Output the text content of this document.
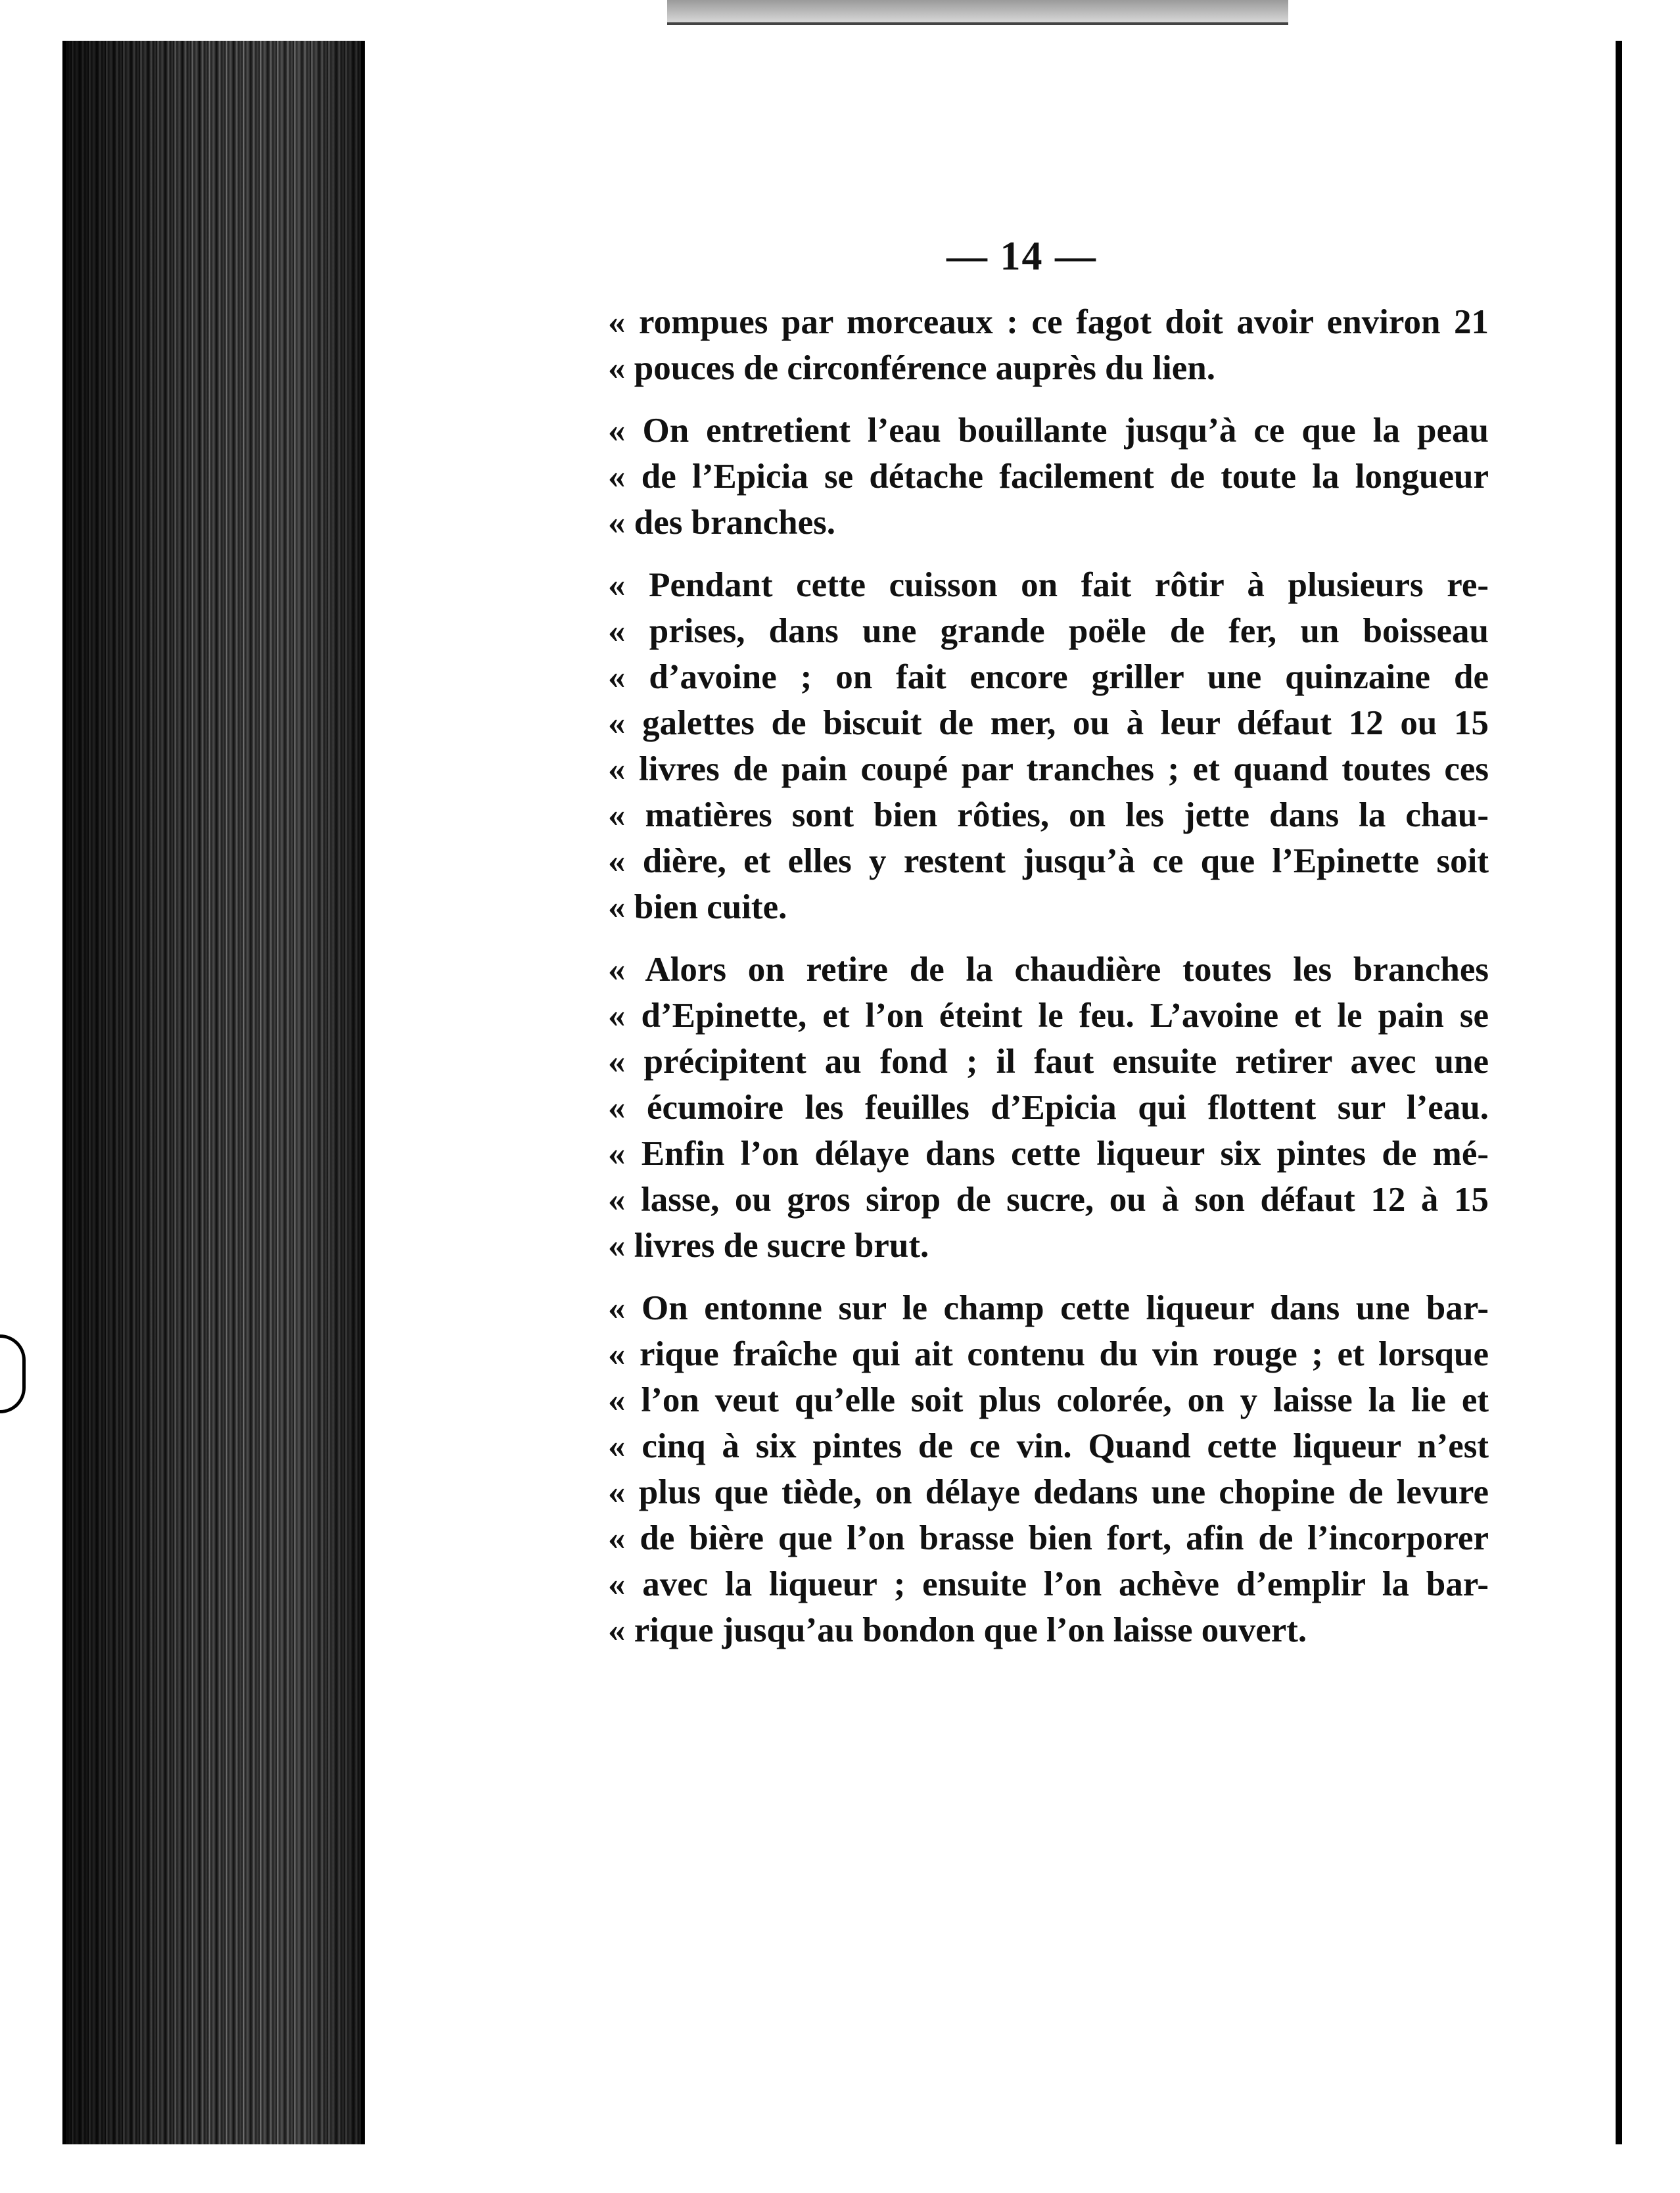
— 14 —
« rompues par morceaux : ce fagot doit avoir environ 21
« pouces de circonférence auprès du lien.
« On entretient l’eau bouillante jusqu’à ce que la peau
« de l’Epicia se détache facilement de toute la longueur
« des branches.
« Pendant cette cuisson on fait rôtir à plusieurs re-
« prises, dans une grande poële de fer, un boisseau
« d’avoine ; on fait encore griller une quinzaine de
« galettes de biscuit de mer, ou à leur défaut 12 ou 15
« livres de pain coupé par tranches ; et quand toutes ces
« matières sont bien rôties, on les jette dans la chau-
« dière, et elles y restent jusqu’à ce que l’Epinette soit
« bien cuite.
« Alors on retire de la chaudière toutes les branches
« d’Epinette, et l’on éteint le feu. L’avoine et le pain se
« précipitent au fond ; il faut ensuite retirer avec une
« écumoire les feuilles d’Epicia qui flottent sur l’eau.
« Enfin l’on délaye dans cette liqueur six pintes de mé-
« lasse, ou gros sirop de sucre, ou à son défaut 12 à 15
« livres de sucre brut.
« On entonne sur le champ cette liqueur dans une bar-
« rique fraîche qui ait contenu du vin rouge ; et lorsque
« l’on veut qu’elle soit plus colorée, on y laisse la lie et
« cinq à six pintes de ce vin. Quand cette liqueur n’est
« plus que tiède, on délaye dedans une chopine de levure
« de bière que l’on brasse bien fort, afin de l’incorporer
« avec la liqueur ; ensuite l’on achève d’emplir la bar-
« rique jusqu’au bondon que l’on laisse ouvert.
